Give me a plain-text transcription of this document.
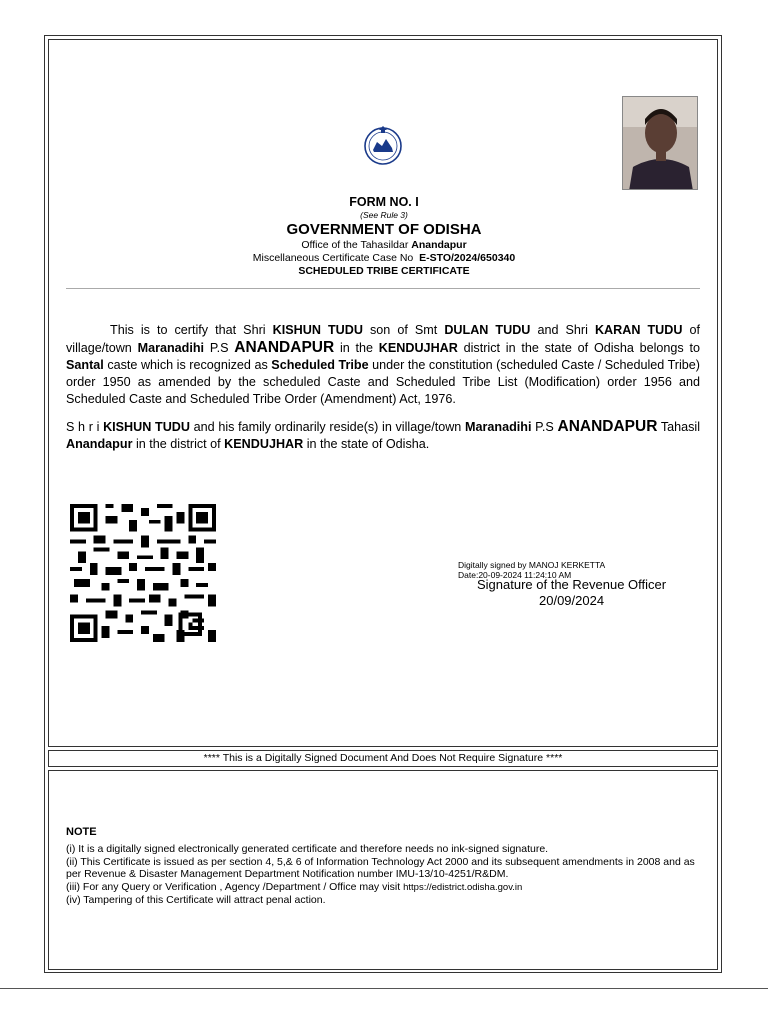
FORM NO. I
(See Rule 3)
GOVERNMENT OF ODISHA
Office of the Tahasildar Anandapur
Miscellaneous Certificate Case No E-STO/2024/650340
SCHEDULED TRIBE CERTIFICATE
This is to certify that Shri KISHUN TUDU son of Smt DULAN TUDU and Shri KARAN TUDU of village/town Maranadihi P.S ANANDAPUR in the KENDUJHAR district in the state of Odisha belongs to Santal caste which is recognized as Scheduled Tribe under the constitution (scheduled Caste / Scheduled Tribe) order 1950 as amended by the scheduled Caste and Scheduled Tribe List (Modification) order 1956 and Scheduled Caste and Scheduled Tribe Order (Amendment) Act, 1976.
S h r i KISHUN TUDU and his family ordinarily reside(s) in village/town Maranadihi P.S ANANDAPUR Tahasil Anandapur in the district of KENDUJHAR in the state of Odisha.
Digitally signed by MANOJ KERKETTA
Date:20-09-2024 11:24:10 AM
Signature of the Revenue Officer
20/09/2024
**** This is a Digitally Signed Document And Does Not Require Signature ****
NOTE
(i) It is a digitally signed electronically generated certificate and therefore needs no ink-signed signature.
(ii) This Certificate is issued as per section 4, 5,& 6 of Information Technology Act 2000 and its subsequent amendments in 2008 and as per Revenue & Disaster Management Department Notification number IMU-13/10-4251/R&DM.
(iii) For any Query or Verification , Agency /Department / Office may visit https://edistrict.odisha.gov.in
(iv) Tampering of this Certificate will attract penal action.
